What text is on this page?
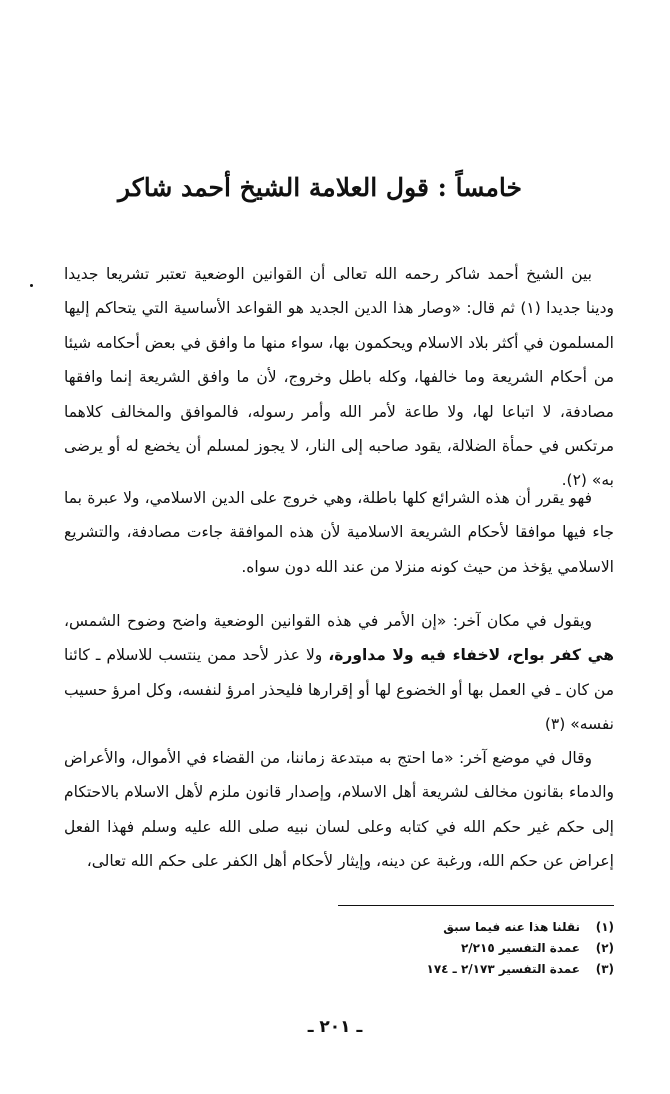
خامساً : قول العلامة الشيخ أحمد شاكر
بين الشيخ أحمد شاكر رحمه الله تعالى أن القوانين الوضعية تعتبر تشريعا جديدا ودينا جديدا (١) ثم قال: «وصار هذا الدين الجديد هو القواعد الأساسية التي يتحاكم إليها المسلمون في أكثر بلاد الاسلام ويحكمون بها، سواء منها ما وافق في بعض أحكامه شيئا من أحكام الشريعة وما خالفها، وكله باطل وخروج، لأن ما وافق الشريعة إنما وافقها مصادفة، لا اتباعا لها، ولا طاعة لأمر الله وأمر رسوله، فالموافق والمخالف كلاهما مرتكس في حمأة الضلالة، يقود صاحبه إلى النار، لا يجوز لمسلم أن يخضع له أو يرضى به» (٢).
فهو يقرر أن هذه الشرائع كلها باطلة، وهي خروج على الدين الاسلامي، ولا عبرة بما جاء فيها موافقا لأحكام الشريعة الاسلامية لأن هذه الموافقة جاءت مصادفة، والتشريع الاسلامي يؤخذ من حيث كونه منزلا من عند الله دون سواه.
ويقول في مكان آخر: «إن الأمر في هذه القوانين الوضعية واضح وضوح الشمس، هي كفر بواح، لاخفاء فيه ولا مداورة، ولا عذر لأحد ممن ينتسب للاسلام ـ كائنا من كان ـ في العمل بها أو الخضوع لها أو إقرارها فليحذر امرؤ لنفسه، وكل امرؤ حسيب نفسه» (٣)
وقال في موضع آخر: «ما احتج به مبتدعة زماننا، من القضاء في الأموال، والأعراض والدماء بقانون مخالف لشريعة أهل الاسلام، وإصدار قانون ملزم لأهل الاسلام بالاحتكام إلى حكم غير حكم الله في كتابه وعلى لسان نبيه صلى الله عليه وسلم فهذا الفعل إعراض عن حكم الله، ورغبة عن دينه، وإيثار لأحكام أهل الكفر على حكم الله تعالى،
(١)نقلنا هذا عنه فيما سبق
(٢)عمدة التفسير ٢/٢١٥
(٣)عمدة التفسير ٢/١٧٣ ـ ١٧٤
ـ ٢٠١ ـ
